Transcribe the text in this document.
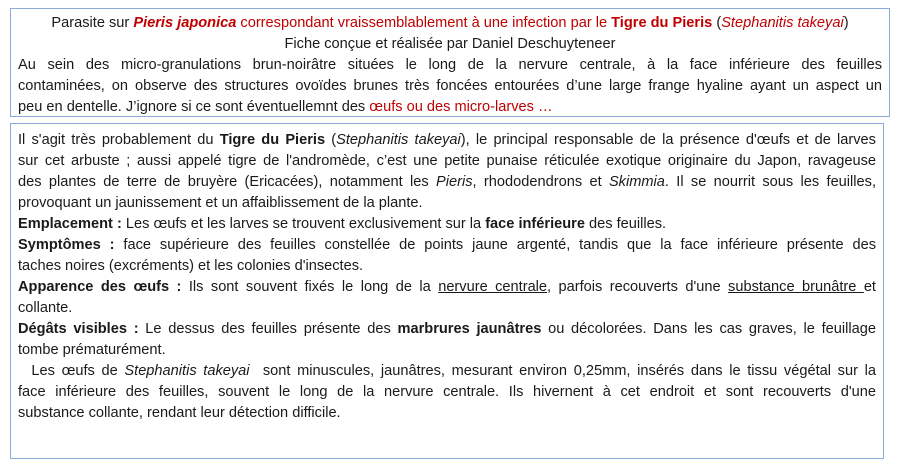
Parasite sur Pieris japonica correspondant vraissemblablement à une infection par le Tigre du Pieris (Stephanitis takeyai)
Fiche conçue et réalisée par Daniel Deschuyteneer
Au sein des micro-granulations brun-noirâtre situées le long de la nervure centrale, à la face inférieure des feuilles
contaminées, on observe des structures ovoïdes brunes très foncées entourées d’une large frange hyaline ayant un aspect un
peu en dentelle. J’ignore si ce sont éventuellemnt des œufs ou des micro-larves …
Il s'agit très probablement du Tigre du Pieris (Stephanitis takeyai), le principal responsable de la présence d'œufs et de larves
sur cet arbuste ; aussi appelé tigre de l'andromède, c’est une petite punaise réticulée exotique originaire du Japon, ravageuse
des plantes de terre de bruyère (Ericacées), notamment les Pieris, rhododendrons et Skimmia. Il se nourrit sous les feuilles,
provoquant un jaunissement et un affaiblissement de la plante.
Emplacement : Les œufs et les larves se trouvent exclusivement sur la face inférieure des feuilles.
Symptômes : face supérieure des feuilles constellée de points jaune argenté, tandis que la face inférieure présente des
taches noires (excréments) et les colonies d'insectes.
Apparence des œufs : Ils sont souvent fixés le long de la nervure centrale, parfois recouverts d'une substance brunâtre et
collante.
Dégâts visibles : Le dessus des feuilles présente des marbrures jaunâtres ou décolorées. Dans les cas graves, le feuillage
tombe prématurément.
Les œufs de Stephanitis takeyai  sont minuscules, jaunâtres, mesurant environ 0,25mm, insérés dans le tissu végétal sur la
face inférieure des feuilles, souvent le long de la nervure centrale. Ils hivernent à cet endroit et sont recouverts d'une
substance collante, rendant leur détection difficile.
